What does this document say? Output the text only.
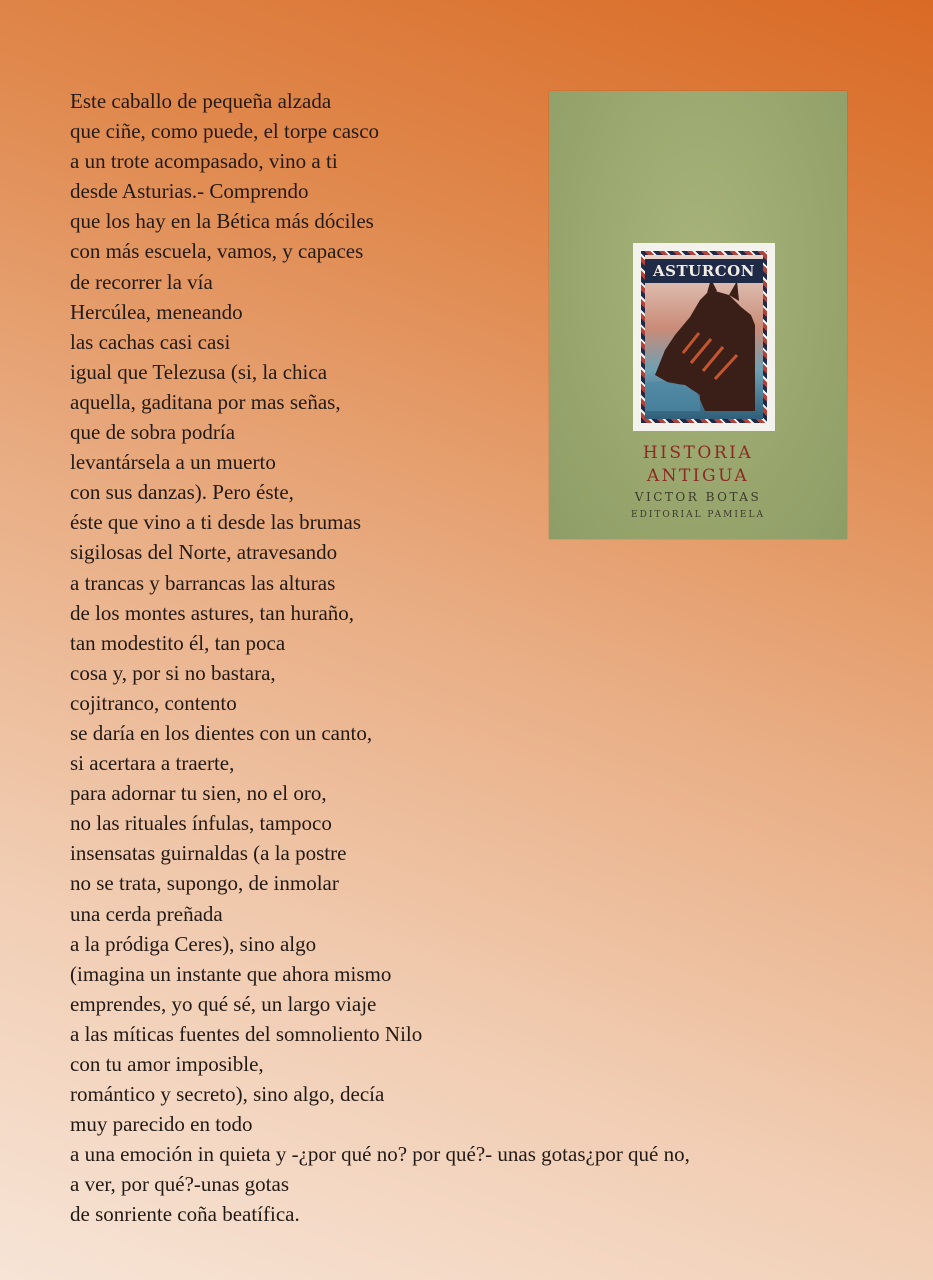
Este caballo de pequeña alzada
que ciñe, como puede, el torpe casco
a un trote acompasado, vino a ti
desde Asturias.- Comprendo
que los hay en la Bética más dóciles
con más escuela, vamos, y capaces
de recorrer la vía
Hercúlea, meneando
las cachas casi casi
igual que Telezusa (si, la chica
aquella, gaditana por mas señas,
que de sobra podría
levantársela a un muerto
con sus danzas). Pero éste,
éste que vino a ti desde las brumas
sigilosas del Norte, atravesando
a trancas y barrancas las alturas
de los montes astures, tan huraño,
tan modestito él, tan poca
cosa y, por si no bastara,
cojitranco, contento
se daría en los dientes con un canto,
si acertara a traerte,
para adornar tu sien, no el oro,
no las rituales ínfulas, tampoco
insensatas guirnaldas (a la postre
no se trata, supongo, de inmolar
una cerda preñada
a la pródiga Ceres), sino algo
(imagina un instante que ahora mismo
emprendes, yo qué sé, un largo viaje
a las míticas fuentes del somnoliento Nilo
con tu amor imposible,
romántico y secreto), sino algo, decía
muy parecido en todo
a una emoción in quieta y -¿por qué no? por qué?- unas gotas¿por qué no,
a ver, por qué?-unas gotas
de sonriente coña beatífica.
ASTURCON
HISTORIA
ANTIGUA
VICTOR BOTAS
EDITORIAL PAMIELA
